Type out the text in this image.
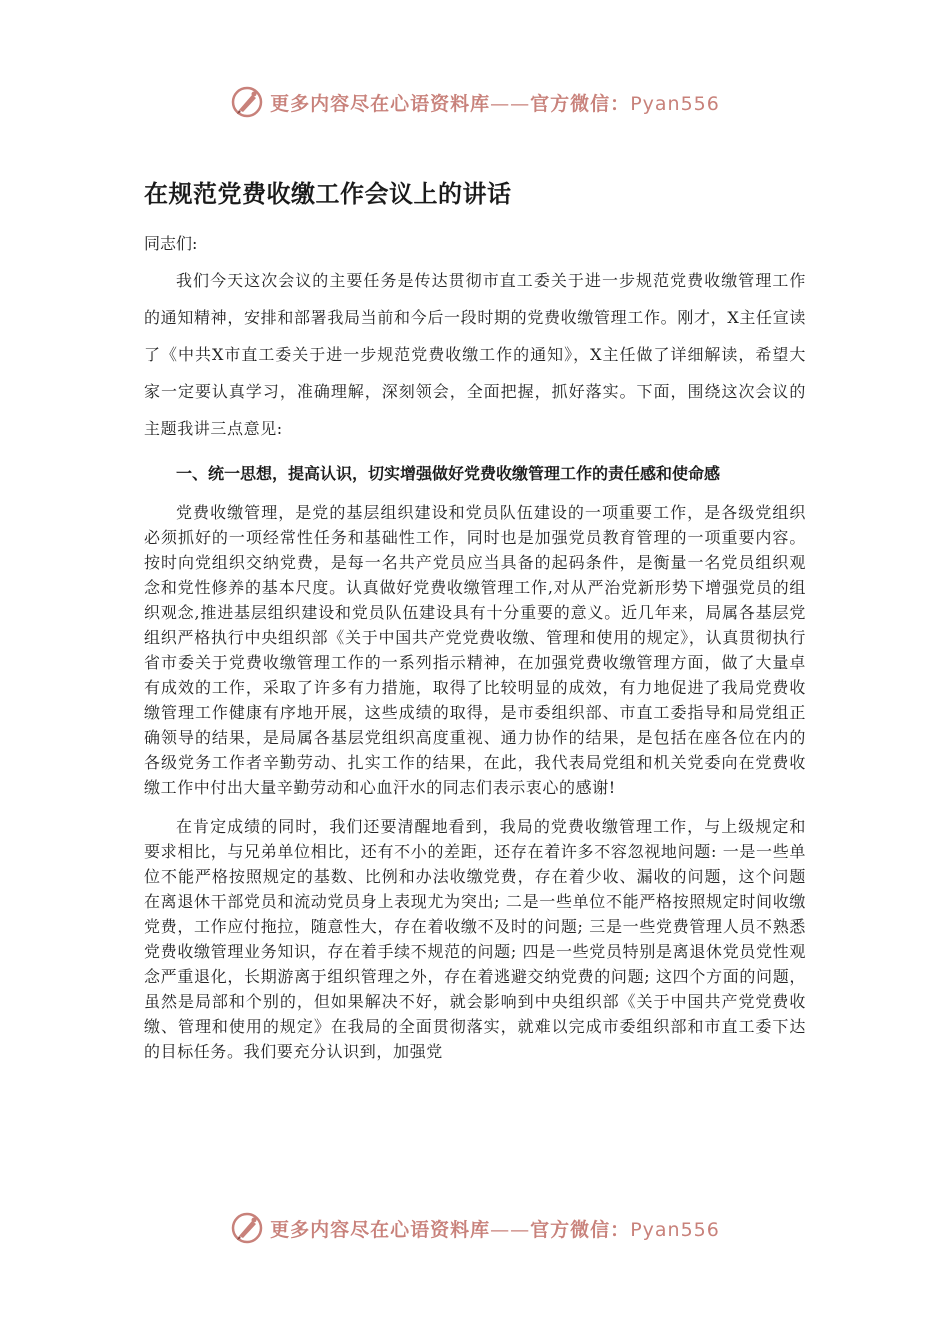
更多内容尽在心语资料库——官方微信：Pyan556
在规范党费收缴工作会议上的讲话

同志们:

我们今天这次会议的主要任务是传达贯彻市直工委关于进一步规范党费收缴管理工作的通知精神，安排和部署我局当前和今后一段时期的党费收缴管理工作。刚才，X主任宣读了《中共X市直工委关于进一步规范党费收缴工作的通知》，X主任做了详细解读，希望大家一定要认真学习，准确理解，深刻领会，全面把握，抓好落实。下面，围绕这次会议的主题我讲三点意见:

一、统一思想，提高认识，切实增强做好党费收缴管理工作的责任感和使命感

党费收缴管理，是党的基层组织建设和党员队伍建设的一项重要工作，是各级党组织必须抓好的一项经常性任务和基础性工作，同时也是加强党员教育管理的一项重要内容。按时向党组织交纳党费，是每一名共产党员应当具备的起码条件，是衡量一名党员组织观念和党性修养的基本尺度。认真做好党费收缴管理工作,对从严治党新形势下增强党员的组织观念,推进基层组织建设和党员队伍建设具有十分重要的意义。近几年来，局属各基层党组织严格执行中央组织部《关于中国共产党党费收缴、管理和使用的规定》，认真贯彻执行省市委关于党费收缴管理工作的一系列指示精神，在加强党费收缴管理方面，做了大量卓有成效的工作，采取了许多有力措施，取得了比较明显的成效，有力地促进了我局党费收缴管理工作健康有序地开展，这些成绩的取得，是市委组织部、市直工委指导和局党组正确领导的结果，是局属各基层党组织高度重视、通力协作的结果，是包括在座各位在内的各级党务工作者辛勤劳动、扎实工作的结果，在此，我代表局党组和机关党委向在党费收缴工作中付出大量辛勤劳动和心血汗水的同志们表示衷心的感谢!

在肯定成绩的同时，我们还要清醒地看到，我局的党费收缴管理工作，与上级规定和要求相比，与兄弟单位相比，还有不小的差距，还存在着许多不容忽视地问题: 一是一些单位不能严格按照规定的基数、比例和办法收缴党费，存在着少收、漏收的问题，这个问题在离退休干部党员和流动党员身上表现尤为突出; 二是一些单位不能严格按照规定时间收缴党费，工作应付拖拉，随意性大，存在着收缴不及时的问题; 三是一些党费管理人员不熟悉党费收缴管理业务知识，存在着手续不规范的问题; 四是一些党员特别是离退休党员党性观念严重退化，长期游离于组织管理之外，存在着逃避交纳党费的问题; 这四个方面的问题，虽然是局部和个别的，但如果解决不好，就会影响到中央组织部《关于中国共产党党费收缴、管理和使用的规定》在我局的全面贯彻落实，就难以完成市委组织部和市直工委下达的目标任务。我们要充分认识到，加强党

更多内容尽在心语资料库——官方微信：Pyan556
